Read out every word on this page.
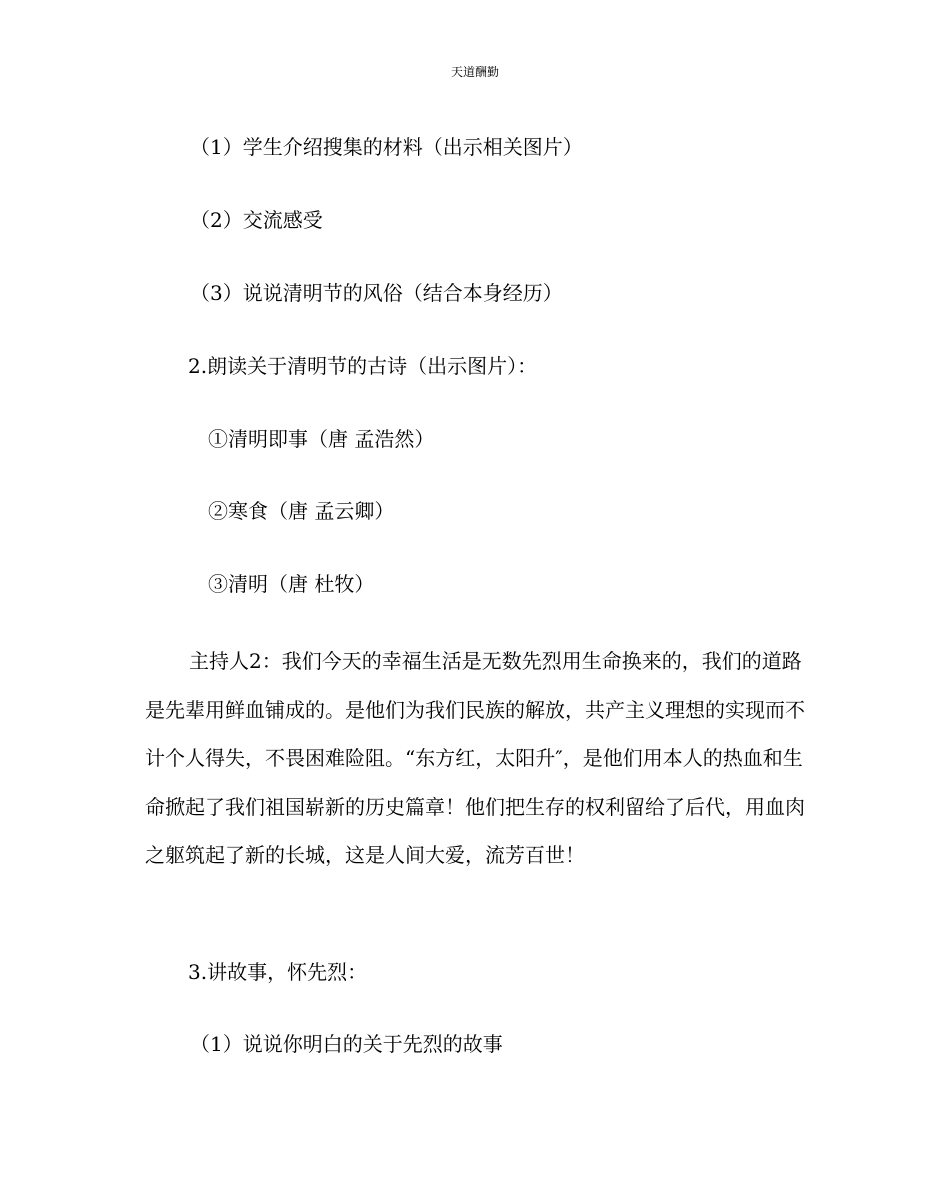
天道酬勤
（1）学生介绍搜集的材料（出示相关图片）
（2）交流感受
（3）说说清明节的风俗（结合本身经历）
2.朗读关于清明节的古诗（出示图片）：
①清明即事（唐 孟浩然）
②寒食（唐 孟云卿）
③清明（唐 杜牧）
主持人2：我们今天的幸福生活是无数先烈用生命换来的，我们的道路是先辈用鲜血铺成的。是他们为我们民族的解放，共产主义理想的实现而不计个人得失，不畏困难险阻。“东方红，太阳升″，是他们用本人的热血和生命掀起了我们祖国崭新的历史篇章！他们把生存的权利留给了后代，用血肉之躯筑起了新的长城，这是人间大爱，流芳百世！
3.讲故事，怀先烈：
（1）说说你明白的关于先烈的故事
